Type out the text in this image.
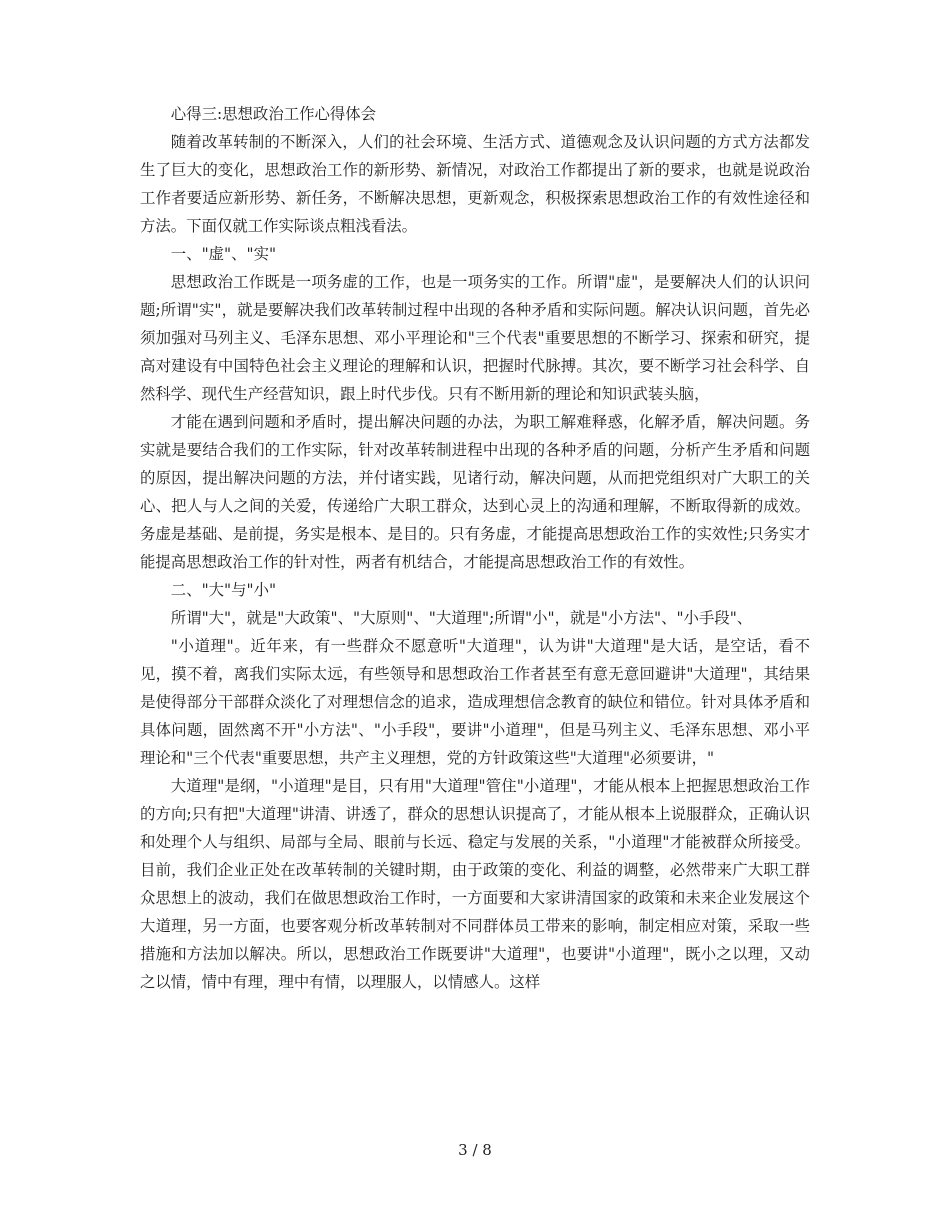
心得三:思想政治工作心得体会

随着改革转制的不断深入，人们的社会环境、生活方式、道德观念及认识问题的方式方法都发生了巨大的变化，思想政治工作的新形势、新情况，对政治工作都提出了新的要求，也就是说政治工作者要适应新形势、新任务，不断解决思想，更新观念，积极探索思想政治工作的有效性途径和方法。下面仅就工作实际谈点粗浅看法。

一、"虚"、"实"

思想政治工作既是一项务虚的工作，也是一项务实的工作。所谓"虚"，是要解决人们的认识问题;所谓"实"，就是要解决我们改革转制过程中出现的各种矛盾和实际问题。解决认识问题，首先必须加强对马列主义、毛泽东思想、邓小平理论和"三个代表"重要思想的不断学习、探索和研究，提高对建设有中国特色社会主义理论的理解和认识，把握时代脉搏。其次，要不断学习社会科学、自然科学、现代生产经营知识，跟上时代步伐。只有不断用新的理论和知识武装头脑，

才能在遇到问题和矛盾时，提出解决问题的办法，为职工解难释惑，化解矛盾，解决问题。务实就是要结合我们的工作实际，针对改革转制进程中出现的各种矛盾的问题，分析产生矛盾和问题的原因，提出解决问题的方法，并付诸实践，见诸行动，解决问题，从而把党组织对广大职工的关心、把人与人之间的关爱，传递给广大职工群众，达到心灵上的沟通和理解，不断取得新的成效。务虚是基础、是前提，务实是根本、是目的。只有务虚，才能提高思想政治工作的实效性;只务实才能提高思想政治工作的针对性，两者有机结合，才能提高思想政治工作的有效性。

二、"大"与"小"

所谓"大"，就是"大政策"、"大原则"、"大道理";所谓"小"，就是"小方法"、"小手段"、

"小道理"。近年来，有一些群众不愿意听"大道理"，认为讲"大道理"是大话，是空话，看不见，摸不着，离我们实际太远，有些领导和思想政治工作者甚至有意无意回避讲"大道理"，其结果是使得部分干部群众淡化了对理想信念的追求，造成理想信念教育的缺位和错位。针对具体矛盾和具体问题，固然离不开"小方法"、"小手段"，要讲"小道理"，但是马列主义、毛泽东思想、邓小平理论和"三个代表"重要思想，共产主义理想，党的方针政策这些"大道理"必须要讲，"

大道理"是纲，"小道理"是目，只有用"大道理"管住"小道理"，才能从根本上把握思想政治工作的方向;只有把"大道理"讲清、讲透了，群众的思想认识提高了，才能从根本上说服群众，正确认识和处理个人与组织、局部与全局、眼前与长远、稳定与发展的关系，"小道理"才能被群众所接受。目前，我们企业正处在改革转制的关键时期，由于政策的变化、利益的调整，必然带来广大职工群众思想上的波动，我们在做思想政治工作时，一方面要和大家讲清国家的政策和未来企业发展这个大道理，另一方面，也要客观分析改革转制对不同群体员工带来的影响，制定相应对策，采取一些措施和方法加以解决。所以，思想政治工作既要讲"大道理"，也要讲"小道理"，既小之以理，又动之以情，情中有理，理中有情，以理服人，以情感人。这样

3 / 8
